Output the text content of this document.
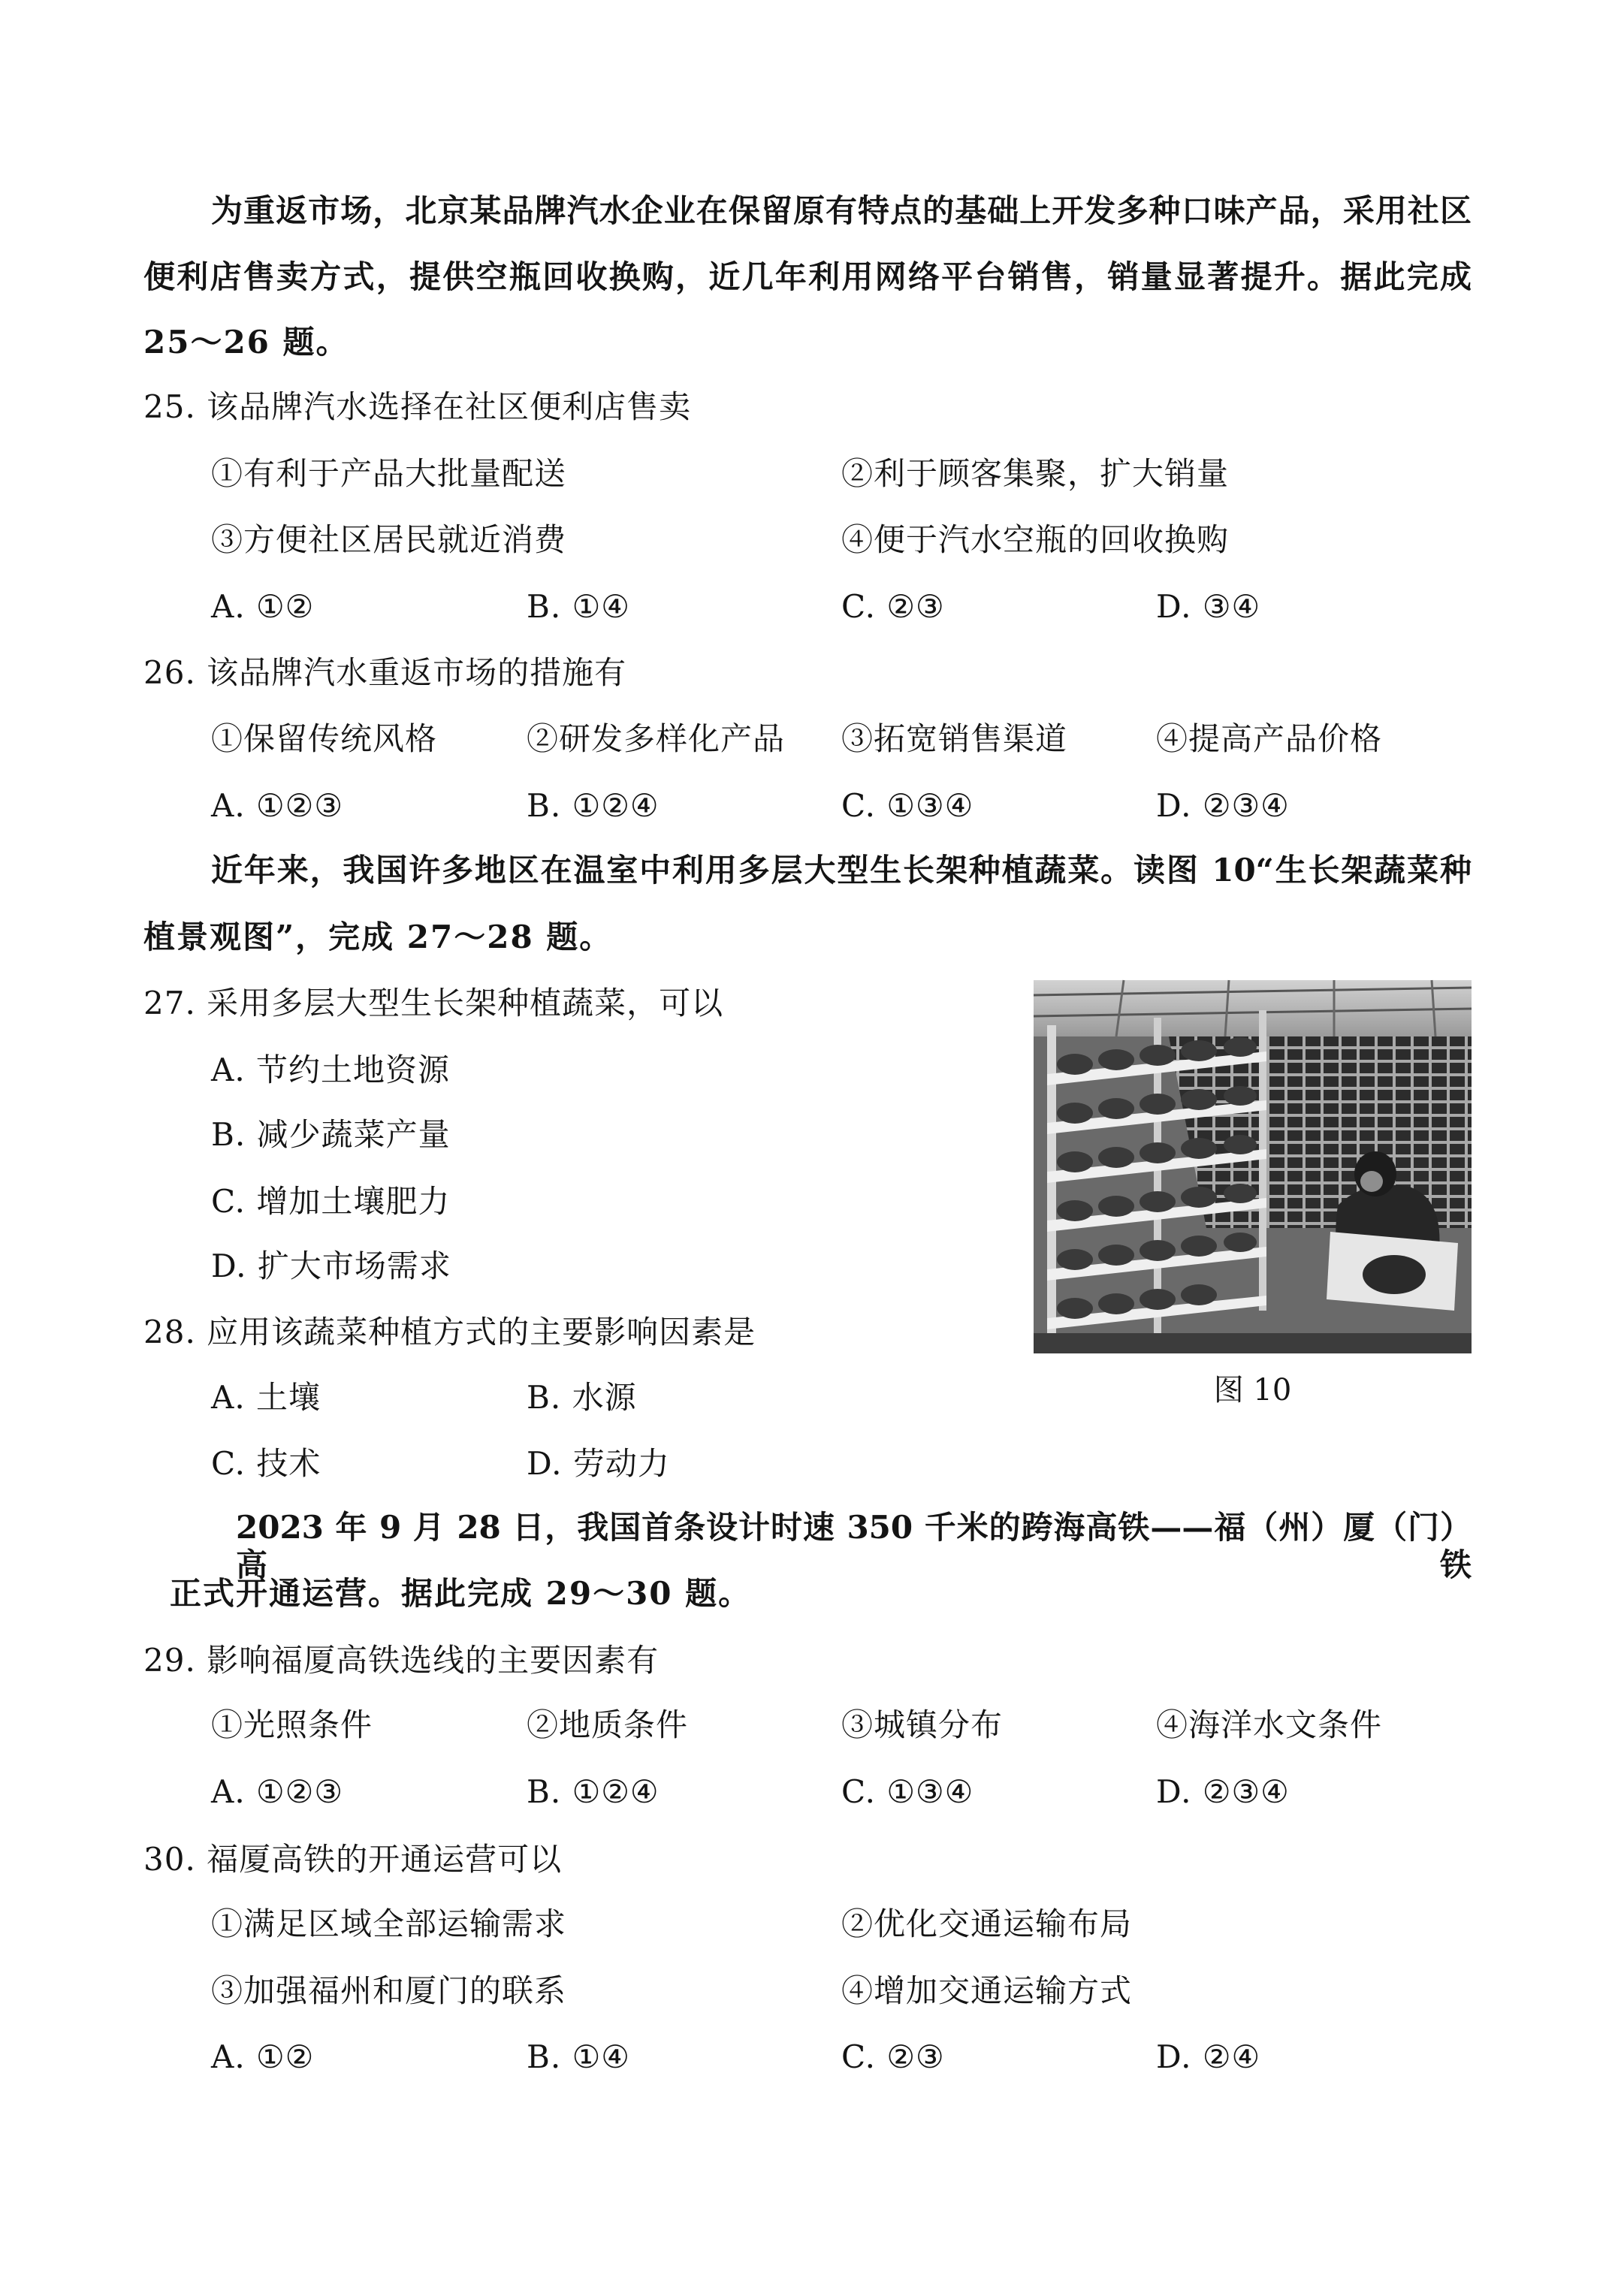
为重返市场，北京某品牌汽水企业在保留原有特点的基础上开发多种口味产品，采用社区
便利店售卖方式，提供空瓶回收换购，近几年利用网络平台销售，销量显著提升。据此完成
25～26 题。
25. 该品牌汽水选择在社区便利店售卖
①有利于产品大批量配送	②利于顾客集聚，扩大销量
③方便社区居民就近消费	④便于汽水空瓶的回收换购
A. ①②	B. ①④	C. ②③	D. ③④
26. 该品牌汽水重返市场的措施有
①保留传统风格	②研发多样化产品 ③拓宽销售渠道	④提高产品价格
A. ①②③	B. ①②④	C. ①③④	D. ②③④
近年来，我国许多地区在温室中利用多层大型生长架种植蔬菜。读图 10“生长架蔬菜种
植景观图”，完成 27～28 题。
27. 采用多层大型生长架种植蔬菜，可以
A. 节约土地资源
B. 减少蔬菜产量
C. 增加土壤肥力
D. 扩大市场需求
28. 应用该蔬菜种植方式的主要影响因素是
A. 土壤	B. 水源
C. 技术	D. 劳动力
图 10
2023 年 9 月 28 日，我国首条设计时速 350 千米的跨海高铁——福（州）厦（门）高铁
正式开通运营。据此完成 29～30 题。
29. 影响福厦高铁选线的主要因素有
①光照条件	②地质条件	③城镇分布	④海洋水文条件
A. ①②③	B. ①②④	C. ①③④	D. ②③④
30. 福厦高铁的开通运营可以
①满足区域全部运输需求	②优化交通运输布局
③加强福州和厦门的联系	④增加交通运输方式
A. ①②	B. ①④	C. ②③	D. ②④
